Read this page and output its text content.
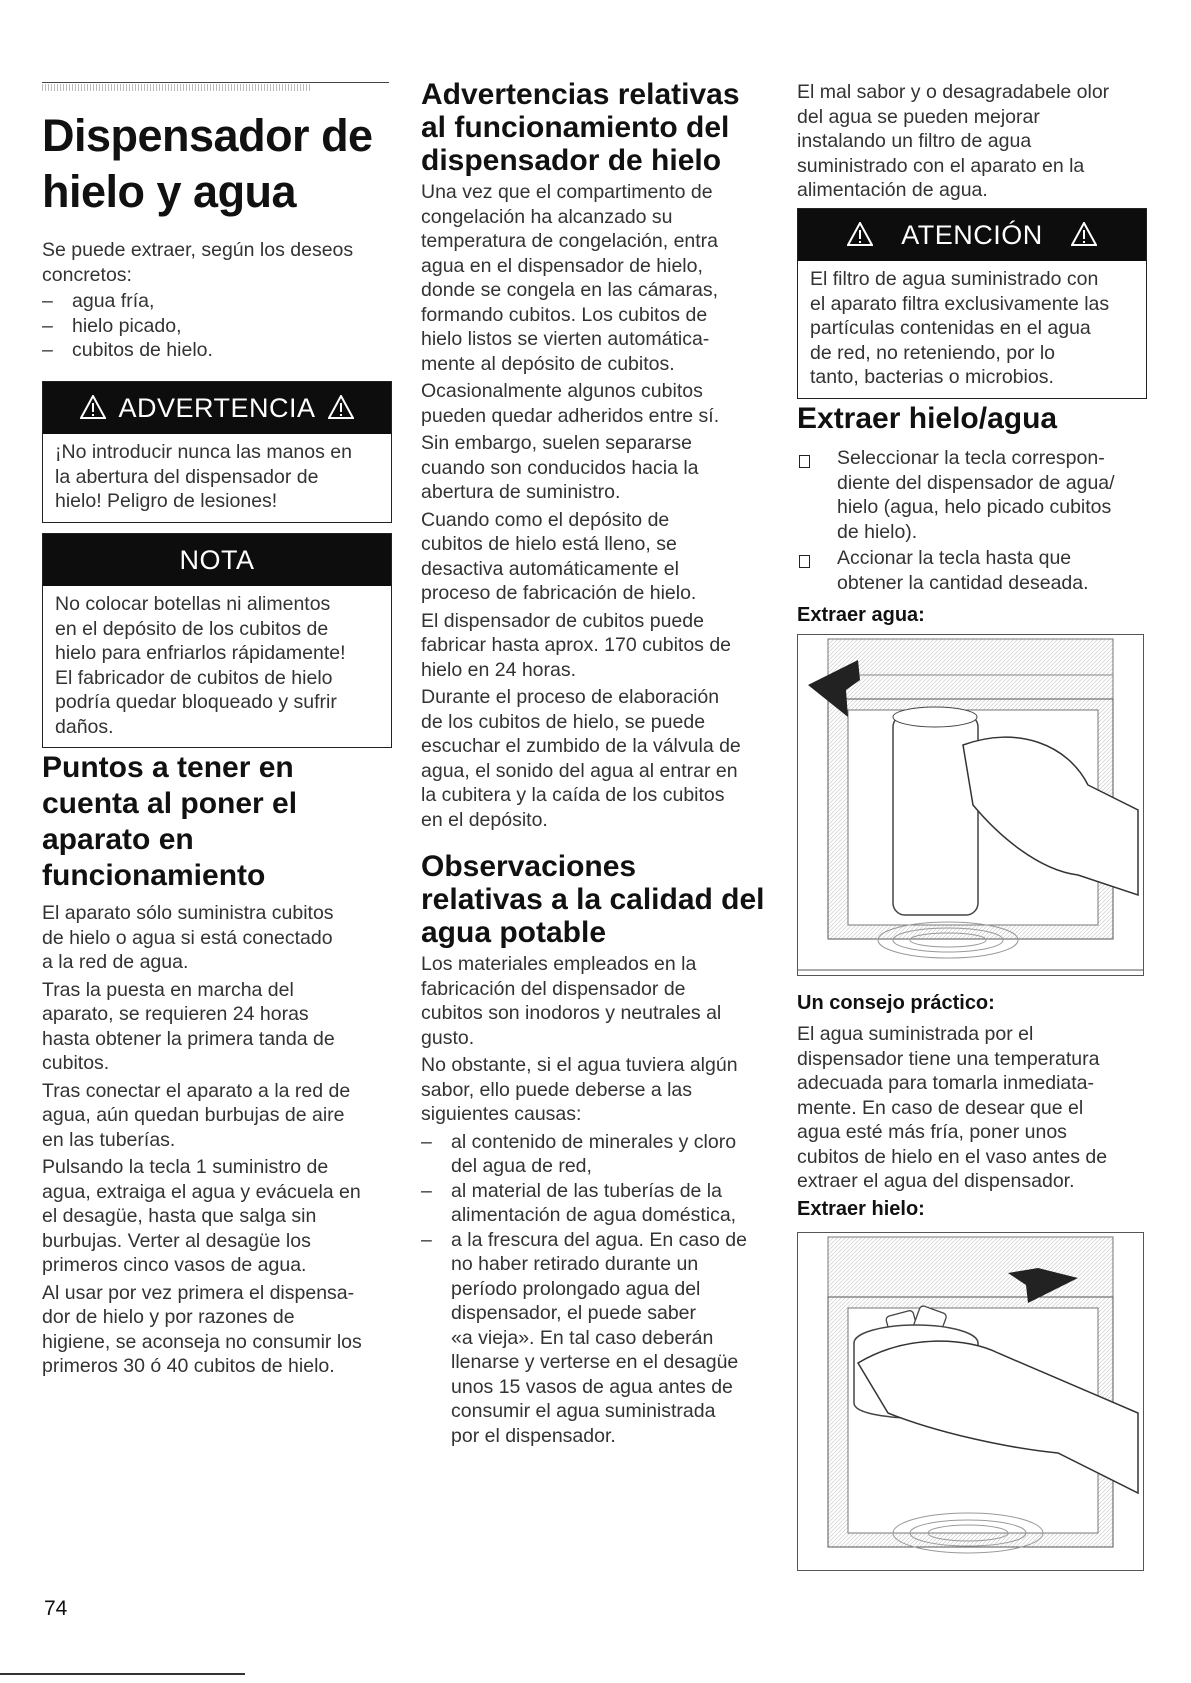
Dispensador de
hielo y agua

Se puede extraer, según los deseos

concretos:

– agua fría,

– hielo picado,

– cubitos de hielo.

ADVERTENCIA

¡No introducir nunca las manos en

la abertura del dispensador de

hielo! Peligro de lesiones!

NOTA

No colocar botellas ni alimentos

en el depósito de los cubitos de

hielo para enfriarlos rápidamente!

El fabricador de cubitos de hielo

podría quedar bloqueado y sufrir

daños.

Puntos a tener en
cuenta al poner el
aparato en
funcionamiento

El aparato sólo suministra cubitos

de hielo o agua si está conectado

a la red de agua.

Tras la puesta en marcha del

aparato, se requieren 24 horas

hasta obtener la primera tanda de

cubitos.

Tras conectar el aparato a la red de

agua, aún quedan burbujas de aire

en las tuberías.

Pulsando la tecla 1 suministro de

agua, extraiga el agua y evácuela en

el desagüe, hasta que salga sin

burbujas. Verter al desagüe los

primeros cinco vasos de agua.

Al usar por vez primera el dispensa-

dor de hielo y por razones de

higiene, se aconseja no consumir los

primeros 30 ó 40 cubitos de hielo.

Advertencias relativas
al funcionamiento del
dispensador de hielo

Una vez que el compartimento de

congelación ha alcanzado su

temperatura de congelación, entra

agua en el dispensador de hielo,

donde se congela en las cámaras,

formando cubitos. Los cubitos de

hielo listos se vierten automática-

mente al depósito de cubitos.

Ocasionalmente algunos cubitos

pueden quedar adheridos entre sí.

Sin embargo, suelen separarse

cuando son conducidos hacia la

abertura de suministro.

Cuando como el depósito de

cubitos de hielo está lleno, se

desactiva automáticamente el

proceso de fabricación de hielo.

El dispensador de cubitos puede

fabricar hasta aprox. 170 cubitos de

hielo en 24 horas.

Durante el proceso de elaboración

de los cubitos de hielo, se puede

escuchar el zumbido de la válvula de

agua, el sonido del agua al entrar en

la cubitera y la caída de los cubitos

en el depósito.

Observaciones
relativas a la calidad del
agua potable

Los materiales empleados en la

fabricación del dispensador de

cubitos son inodoros y neutrales al

gusto.

No obstante, si el agua tuviera algún

sabor, ello puede deberse a las

siguientes causas:

– al contenido de minerales y cloro
del agua de red,
– al material de las tuberías de la
alimentación de agua doméstica,
– a la frescura del agua. En caso de
no haber retirado durante un
período prolongado agua del
dispensador, el puede saber
«a vieja». En tal caso deberán
llenarse y verterse en el desagüe
unos 15 vasos de agua antes de
consumir el agua suministrada
por el dispensador.

El mal sabor y o desagradabele olor

del agua se pueden mejorar

instalando un filtro de agua

suministrado con el aparato en la

alimentación de agua.

ATENCIÓN

El filtro de agua suministrado con

el aparato filtra exclusivamente las

partículas contenidas en el agua

de red, no reteniendo, por lo

tanto, bacterias o microbios.

Extraer hielo/agua
Seleccionar la tecla correspon-
diente del dispensador de agua/
hielo (agua, helo picado cubitos
de hielo).
Accionar la tecla hasta que
obtener la cantidad deseada.
Extraer agua:
Un consejo práctico:

El agua suministrada por el

dispensador tiene una temperatura

adecuada para tomarla inmediata-

mente. En caso de desear que el

agua esté más fría, poner unos

cubitos de hielo en el vaso antes de

extraer el agua del dispensador.

Extraer hielo:
74
